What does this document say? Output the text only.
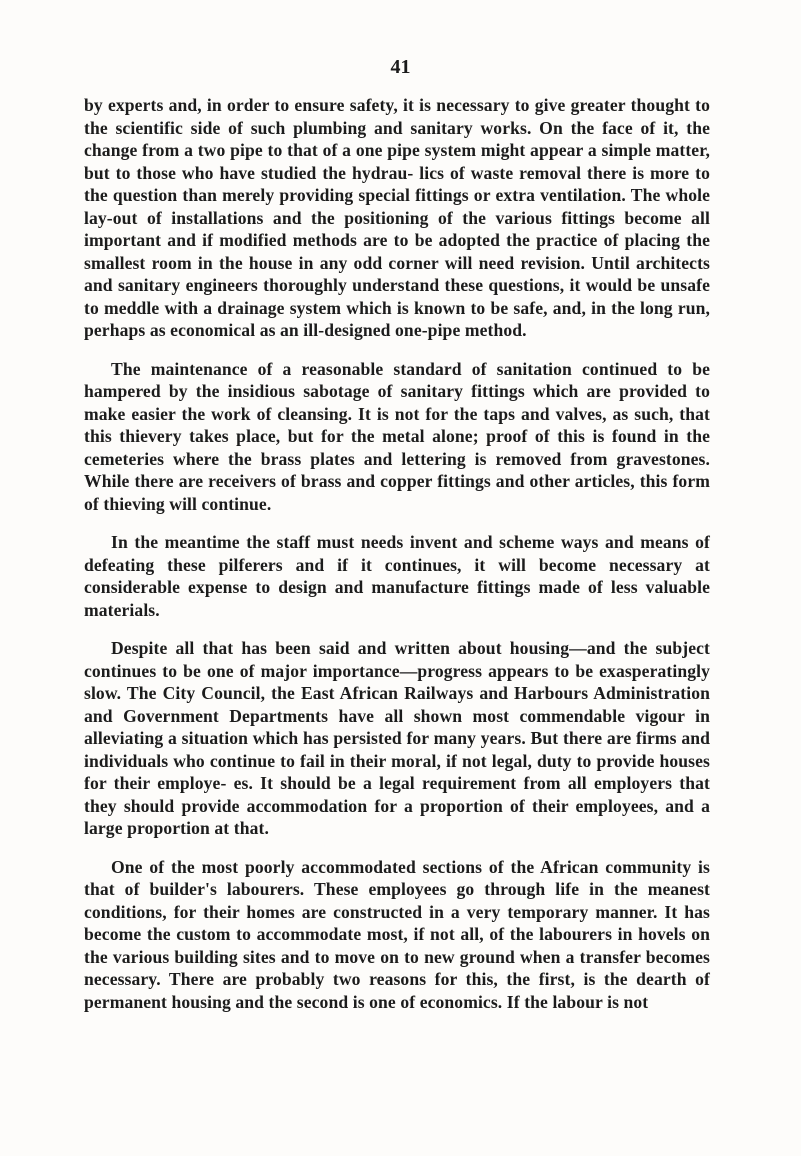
41

by experts and, in order to ensure safety, it is necessary to give greater thought to the scientific side of such plumbing and sanitary works. On the face of it, the change from a two pipe to that of a one pipe system might appear a simple matter, but to those who have studied the hydrau- lics of waste removal there is more to the question than merely providing special fittings or extra ventilation. The whole lay-out of installations and the positioning of the various fittings become all important and if modified methods are to be adopted the practice of placing the smallest room in the house in any odd corner will need revision. Until architects and sanitary engineers thoroughly understand these questions, it would be unsafe to meddle with a drainage system which is known to be safe, and, in the long run, perhaps as economical as an ill-designed one-pipe method.

The maintenance of a reasonable standard of sanitation continued to be hampered by the insidious sabotage of sanitary fittings which are provided to make easier the work of cleansing. It is not for the taps and valves, as such, that this thievery takes place, but for the metal alone; proof of this is found in the cemeteries where the brass plates and lettering is removed from gravestones. While there are receivers of brass and copper fittings and other articles, this form of thieving will continue.

In the meantime the staff must needs invent and scheme ways and means of defeating these pilferers and if it continues, it will become necessary at considerable expense to design and manufacture fittings made of less valuable materials.

Despite all that has been said and written about housing—and the subject continues to be one of major importance—progress appears to be exasperatingly slow. The City Council, the East African Railways and Harbours Administration and Government Departments have all shown most commendable vigour in alleviating a situation which has persisted for many years. But there are firms and individuals who continue to fail in their moral, if not legal, duty to provide houses for their employe- es. It should be a legal requirement from all employers that they should provide accommodation for a proportion of their employees, and a large proportion at that.

One of the most poorly accommodated sections of the African community is that of builder's labourers. These employees go through life in the meanest conditions, for their homes are constructed in a very temporary manner. It has become the custom to accommodate most, if not all, of the labourers in hovels on the various building sites and to move on to new ground when a transfer becomes necessary. There are probably two reasons for this, the first, is the dearth of permanent housing and the second is one of economics. If the labour is not
